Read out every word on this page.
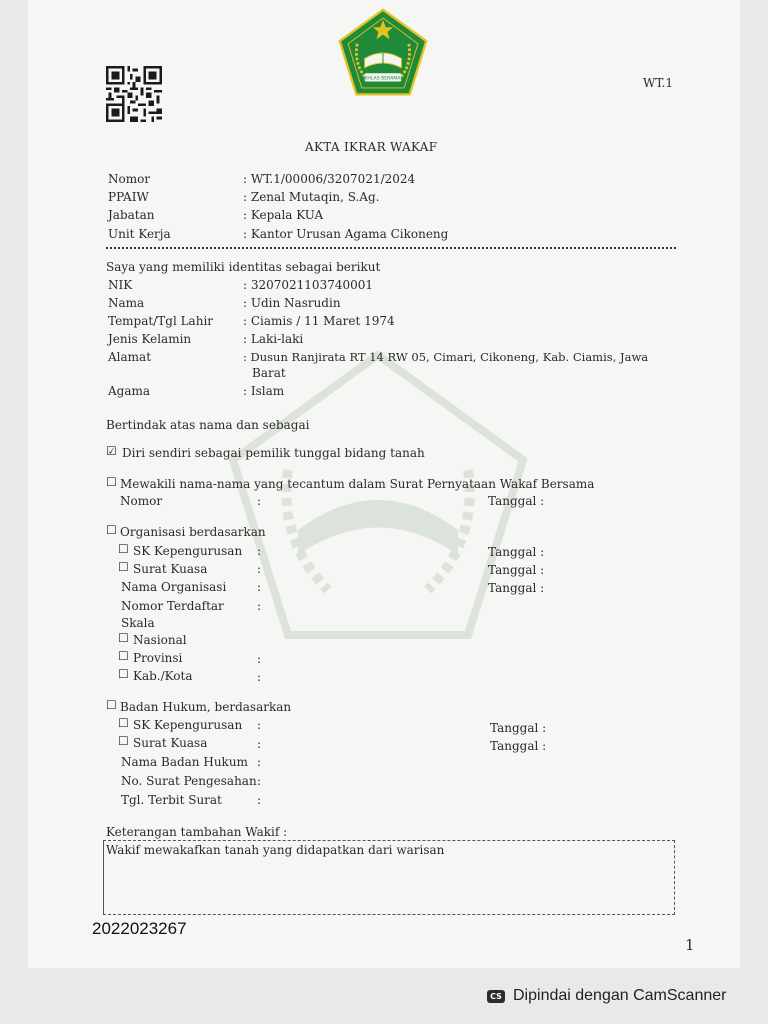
IKHLAS BERAMAL	WT.1
AKTA IKRAR WAKAF
Nomor	: WT.1/00006/3207021/2024
PPAIW	: Zenal Mutaqin, S.Ag.
Jabatan	: Kepala KUA
Unit Kerja	: Kantor Urusan Agama Cikoneng
Saya yang memiliki identitas sebagai berikut
NIK	: 3207021103740001
Nama	: Udin Nasrudin
Tempat/Tgl Lahir : Ciamis / 11 Maret 1974
Jenis Kelamin	: Laki-laki
Alamat	: Dusun Ranjirata RT 14 RW 05, Cimari, Cikoneng, Kab. Ciamis, Jawa
Barat
Agama	: Islam
Bertindak atas nama dan sebagai
☑ Diri sendiri sebagai pemilik tunggal bidang tanah
☐ Mewakili nama-nama yang tecantum dalam Surat Pernyataan Wakaf Bersama
Nomor	:	Tanggal :
☐ Organisasi berdasarkan
☐ SK Kepengurusan :	Tanggal :
☐ Surat Kuasa	:	Tanggal :
Nama Organisasi	:	Tanggal :
Nomor Terdaftar	:
Skala
☐ Nasional
☐ Provinsi	:
☐ Kab./Kota	:
☐ Badan Hukum, berdasarkan
☐ SK Kepengurusan :	Tanggal :
☐ Surat Kuasa	:	Tanggal :
Nama Badan Hukum :
No. Surat Pengesahan :
Tgl. Terbit Surat	:
Keterangan tambahan Wakif :
Wakif mewakafkan tanah yang didapatkan dari warisan
2022023267
1
CS Dipindai dengan CamScanner
